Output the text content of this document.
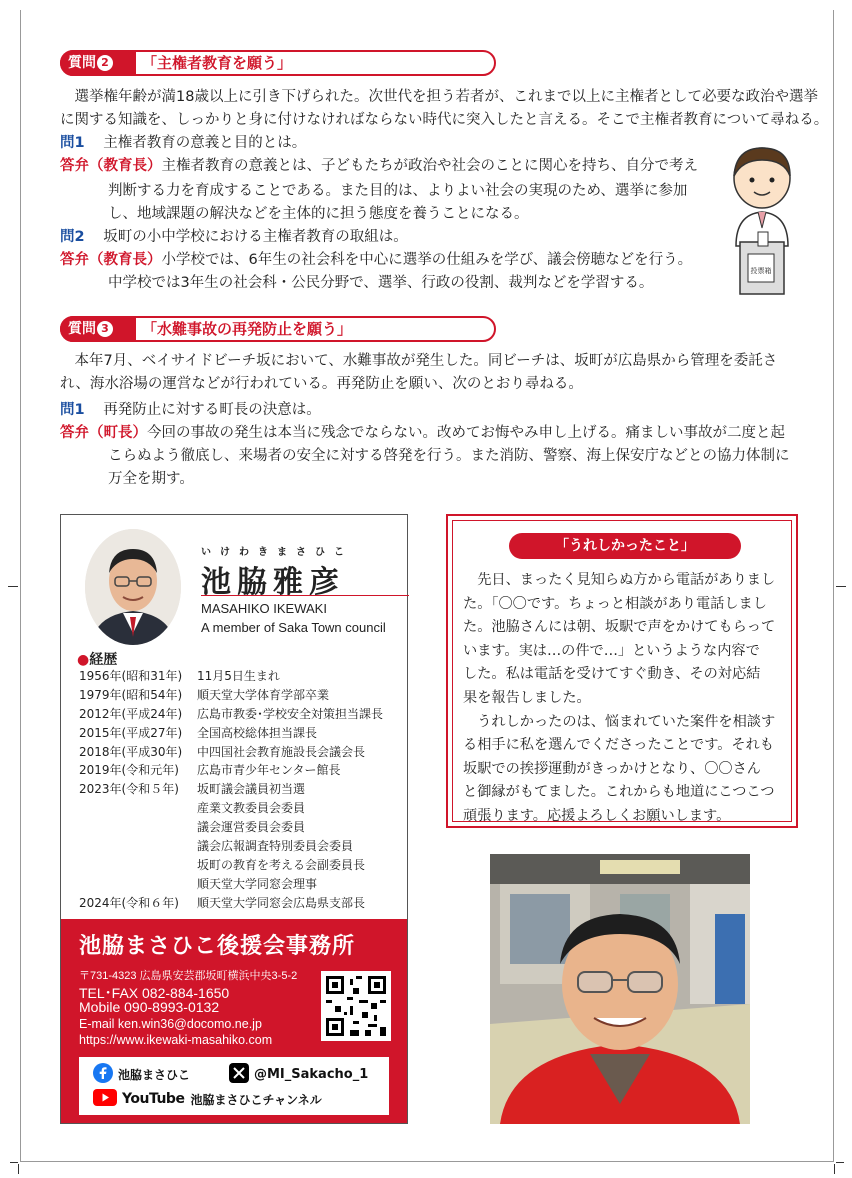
質問 2	「主権者教育を願う」
選挙権年齢が満18歳以上に引き下げられた。次世代を担う若者が、これまで以上に主権者として必要な政治や選挙
に関する知識を、しっかりと身に付けなければならない時代に突入したと言える。そこで主権者教育について尋ねる。
問1 主権者教育の意義と目的とは。
答弁（教育長）主権者教育の意義とは、子どもたちが政治や社会のことに関心を持ち、自分で考え
判断する力を育成することである。また目的は、よりよい社会の実現のため、選挙に参加
し、地域課題の解決などを主体的に担う態度を養うことになる。
問2 坂町の小中学校における主権者教育の取組は。
答弁（教育長）小学校では、6年生の社会科を中心に選挙の仕組みを学び、議会傍聴などを行う。
中学校では3年生の社会科・公民分野で、選挙、行政の役割、裁判などを学習する。
投票箱
質問 3	「水難事故の再発防止を願う」
本年7月、ベイサイドビーチ坂において、水難事故が発生した。同ビーチは、坂町が広島県から管理を委託さ
れ、海水浴場の運営などが行われている。再発防止を願い、次のとおり尋ねる。
問1 再発防止に対する町長の決意は。
答弁（町長）今回の事故の発生は本当に残念でならない。改めてお悔やみ申し上げる。痛ましい事故が二度と起
こらぬよう徹底し、来場者の安全に対する啓発を行う。また消防、警察、海上保安庁などとの協力体制に
万全を期す。
いけわきまさひこ
池脇雅彦
MASAHIKO IKEWAKI
A member of Saka Town council
●経歴
1956年(昭和31年) 11月5日生まれ
1979年(昭和54年) 順天堂大学体育学部卒業
2012年(平成24年) 広島市教委･学校安全対策担当課長
2015年(平成27年) 全国高校総体担当課長
2018年(平成30年) 中四国社会教育施設長会議会長
2019年(令和元年) 広島市青少年センター館長
2023年(令和５年) 坂町議会議員初当選
産業文教委員会委員
議会運営委員会委員
議会広報調査特別委員会委員
坂町の教育を考える会副委員長
順天堂大学同窓会理事
2024年(令和６年) 順天堂大学同窓会広島県支部長
池脇まさひこ後援会事務所
〒731-4323 広島県安芸郡坂町横浜中央3-5-2
TEL･FAX 082-884-1650
Mobile 090-8993-0132
E-mail ken.win36@docomo.ne.jp
https://www.ikewaki-masahiko.com
池脇まさひこ	@MI_Sakacho_1
YouTube 池脇まさひこチャンネル
「うれしかったこと」
　先日、まったく見知らぬ方から電話がありまし
た。「〇〇です。ちょっと相談があり電話しまし
た。池脇さんには朝、坂駅で声をかけてもらって
います。実は…の件で…」というような内容で
した。私は電話を受けてすぐ動き、その対応結
果を報告しました。
　うれしかったのは、悩まれていた案件を相談す
る相手に私を選んでくださったことです。それも
坂駅での挨拶運動がきっかけとなり、〇〇さん
と御縁がもてました。これからも地道にこつこつ
頑張ります。応援よろしくお願いします。
